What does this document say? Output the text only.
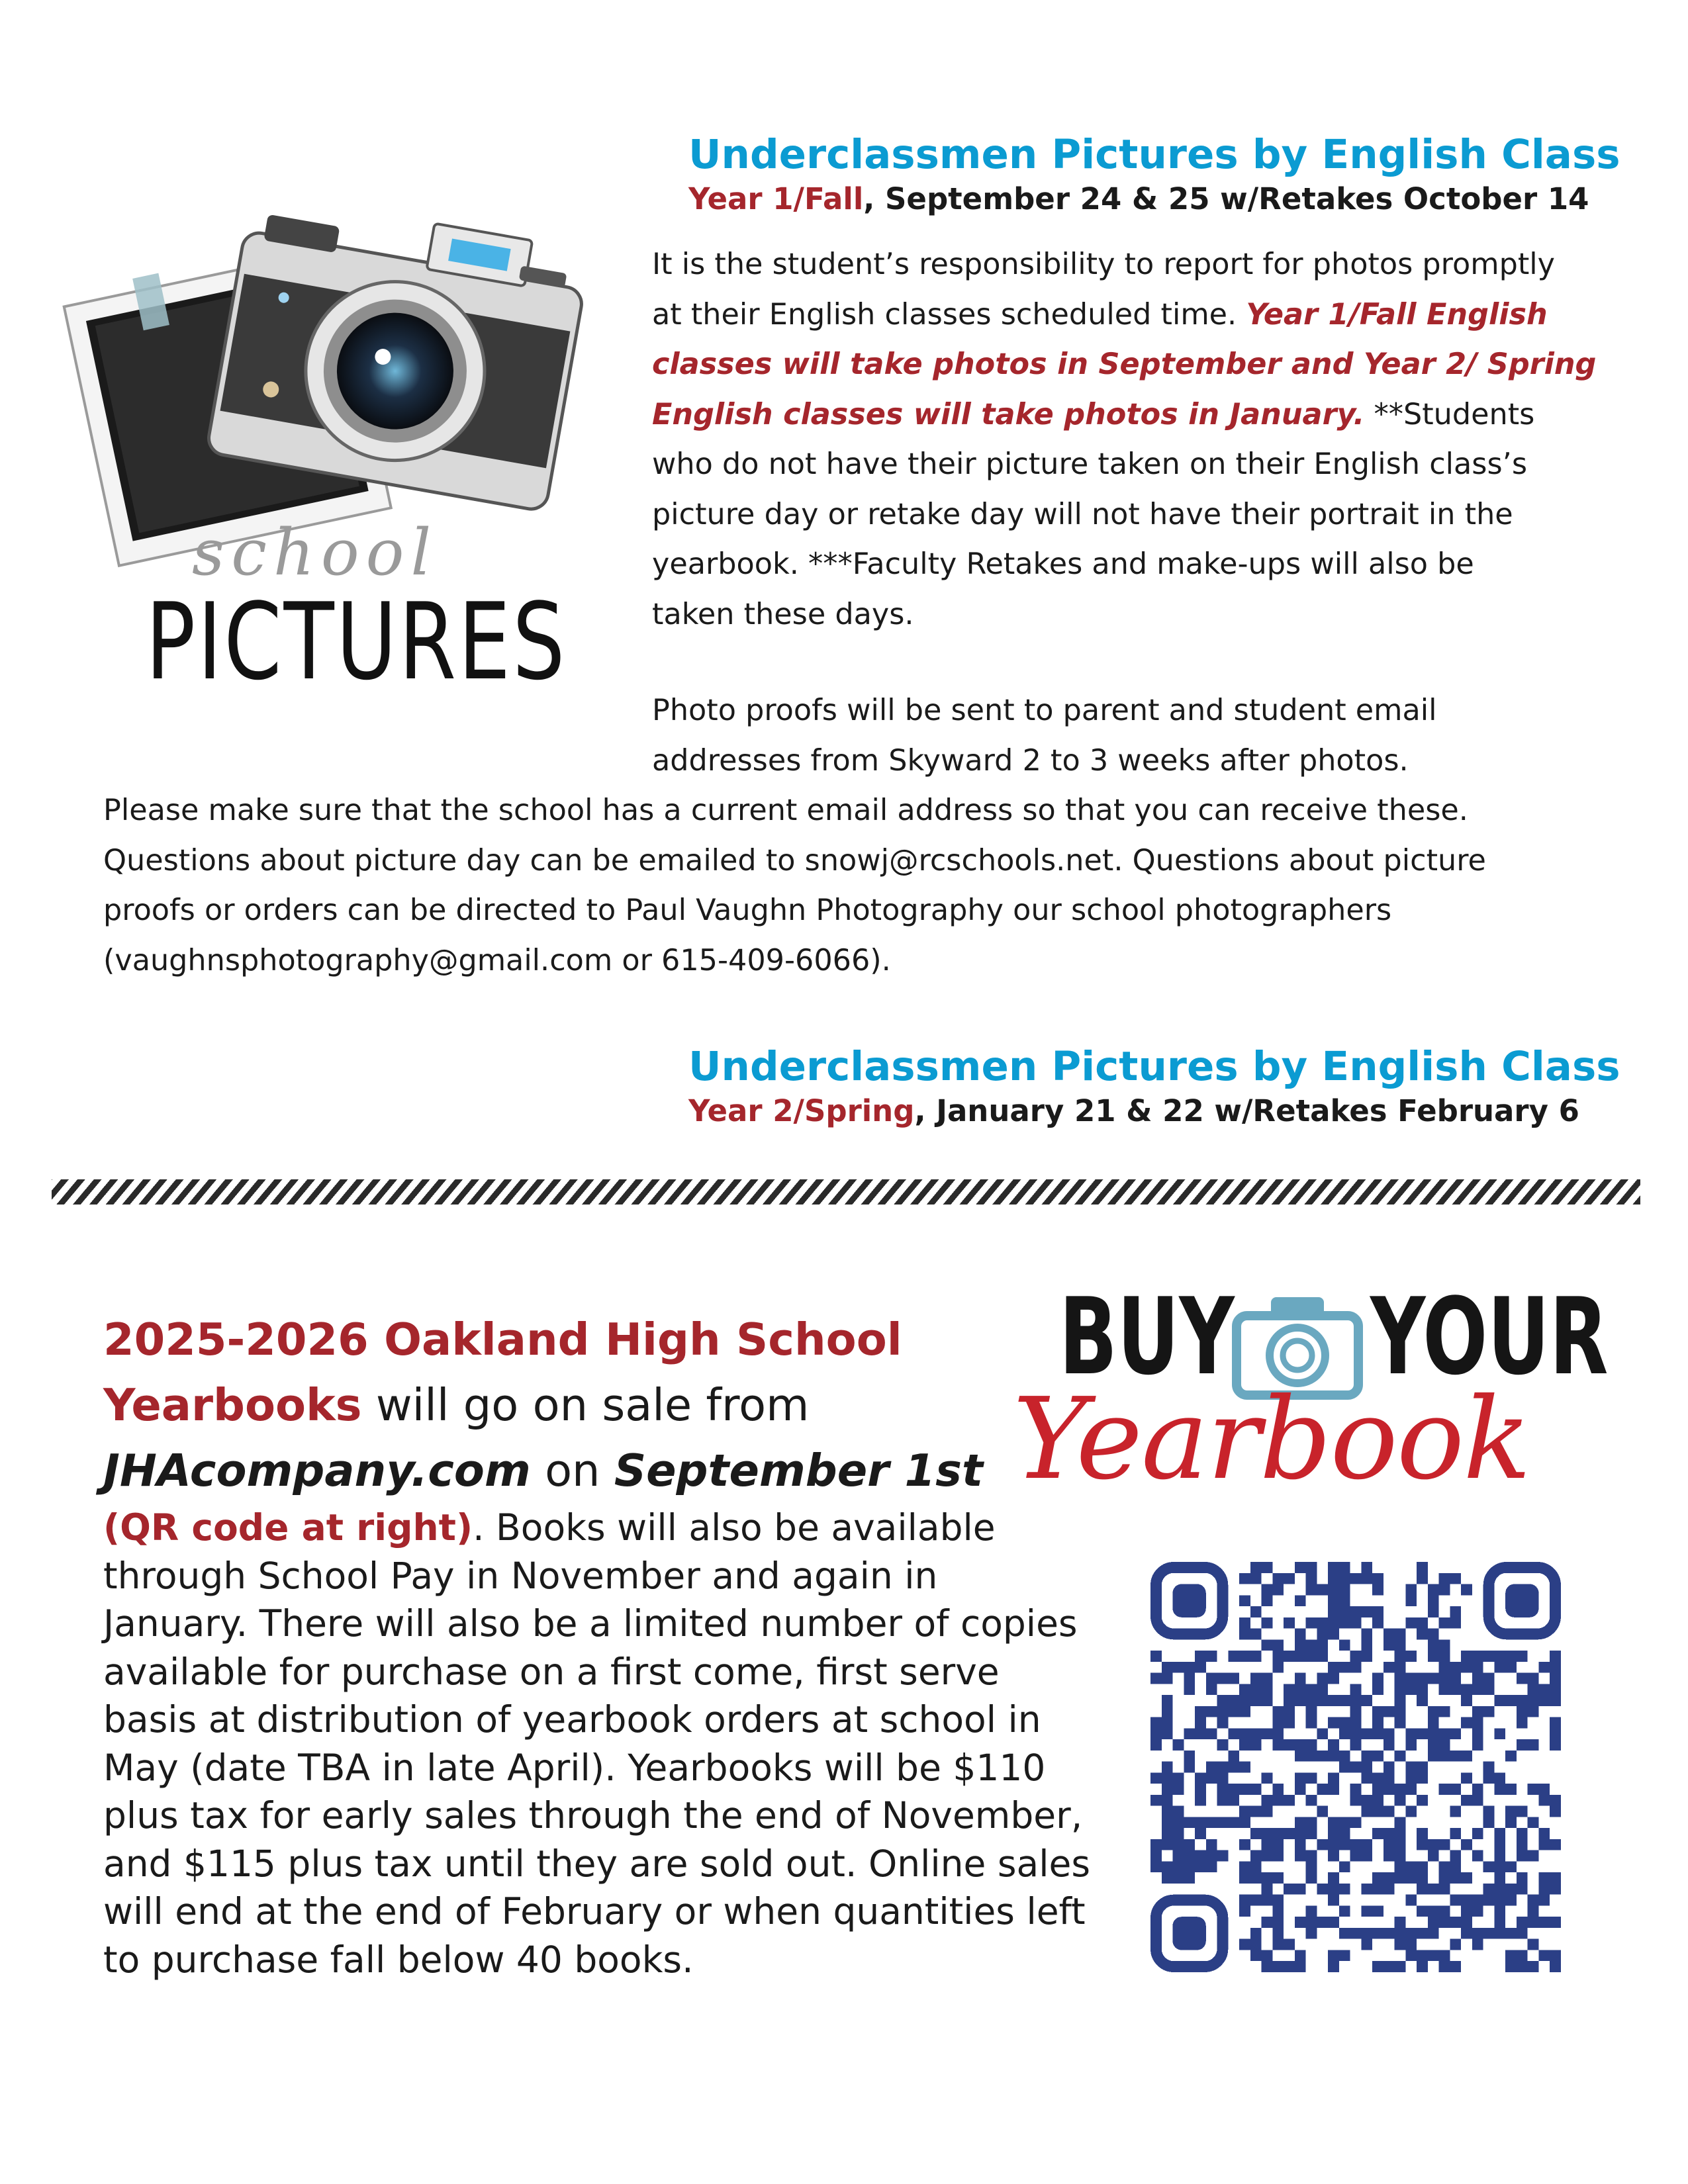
school
PICTURES
Underclassmen Pictures by English Class
Year 1/Fall, September 24 & 25 w/Retakes October 14
It is the student’s responsibility to report for photos promptly
at their English classes scheduled time. Year 1/Fall English
classes will take photos in September and Year 2/ Spring
English classes will take photos in January. **Students
who do not have their picture taken on their English class’s
picture day or retake day will not have their portrait in the
yearbook. ***Faculty Retakes and make-ups will also be
taken these days.
Photo proofs will be sent to parent and student email
addresses from Skyward 2 to 3 weeks after photos.
Please make sure that the school has a current email address so that you can receive these.
Questions about picture day can be emailed to snowj@rcschools.net. Questions about picture
proofs or orders can be directed to Paul Vaughn Photography our school photographers
(vaughnsphotography@gmail.com or 615-409-6066).
Underclassmen Pictures by English Class
Year 2/Spring, January 21 & 22 w/Retakes February 6
2025-2026 Oakland High School
Yearbooks will go on sale from
JHAcompany.com on September 1st
(QR code at right). Books will also be available
through School Pay in November and again in
January. There will also be a limited number of copies
available for purchase on a first come, first serve
basis at distribution of yearbook orders at school in
May (date TBA in late April). Yearbooks will be $110
plus tax for early sales through the end of November,
and $115 plus tax until they are sold out. Online sales
will end at the end of February or when quantities left
to purchase fall below 40 books.
BUY YOUR
Yearbook
